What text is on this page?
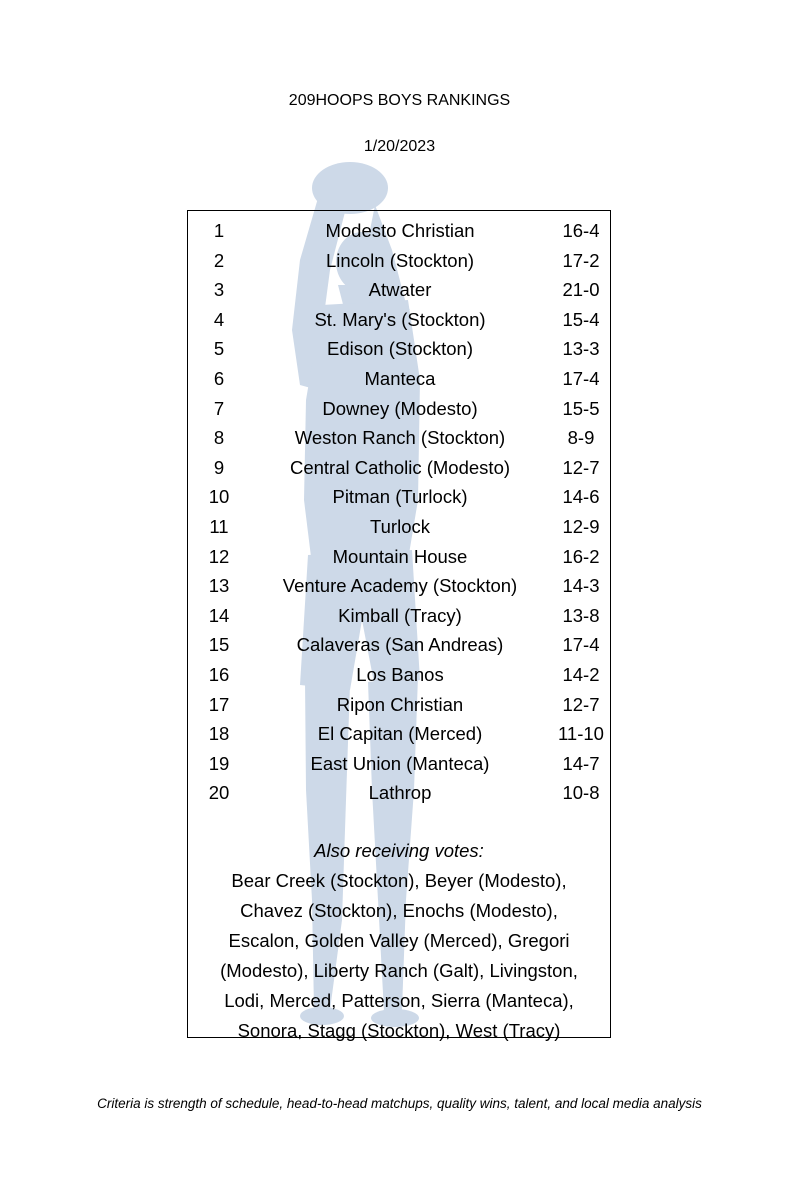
209HOOPS BOYS RANKINGS
1/20/2023
1	Modesto Christian	16-4
2	Lincoln (Stockton)	17-2
3	Atwater	21-0
4	St. Mary's (Stockton)	15-4
5	Edison (Stockton)	13-3
6	Manteca	17-4
7	Downey (Modesto)	15-5
8	Weston Ranch (Stockton)	8-9
9	Central Catholic (Modesto)	12-7
10	Pitman (Turlock)	14-6
11	Turlock	12-9
12	Mountain House	16-2
13	Venture Academy (Stockton)	14-3
14	Kimball (Tracy)	13-8
15	Calaveras (San Andreas)	17-4
16	Los Banos	14-2
17	Ripon Christian	12-7
18	El Capitan (Merced)	11-10
19	East Union (Manteca)	14-7
20	Lathrop	10-8
Also receiving votes:
Bear Creek (Stockton), Beyer (Modesto),
Chavez (Stockton), Enochs (Modesto),
Escalon, Golden Valley (Merced), Gregori
(Modesto), Liberty Ranch (Galt), Livingston,
Lodi, Merced, Patterson, Sierra (Manteca),
Sonora, Stagg (Stockton), West (Tracy)
Criteria is strength of schedule, head-to-head matchups, quality wins, talent, and local media analysis
